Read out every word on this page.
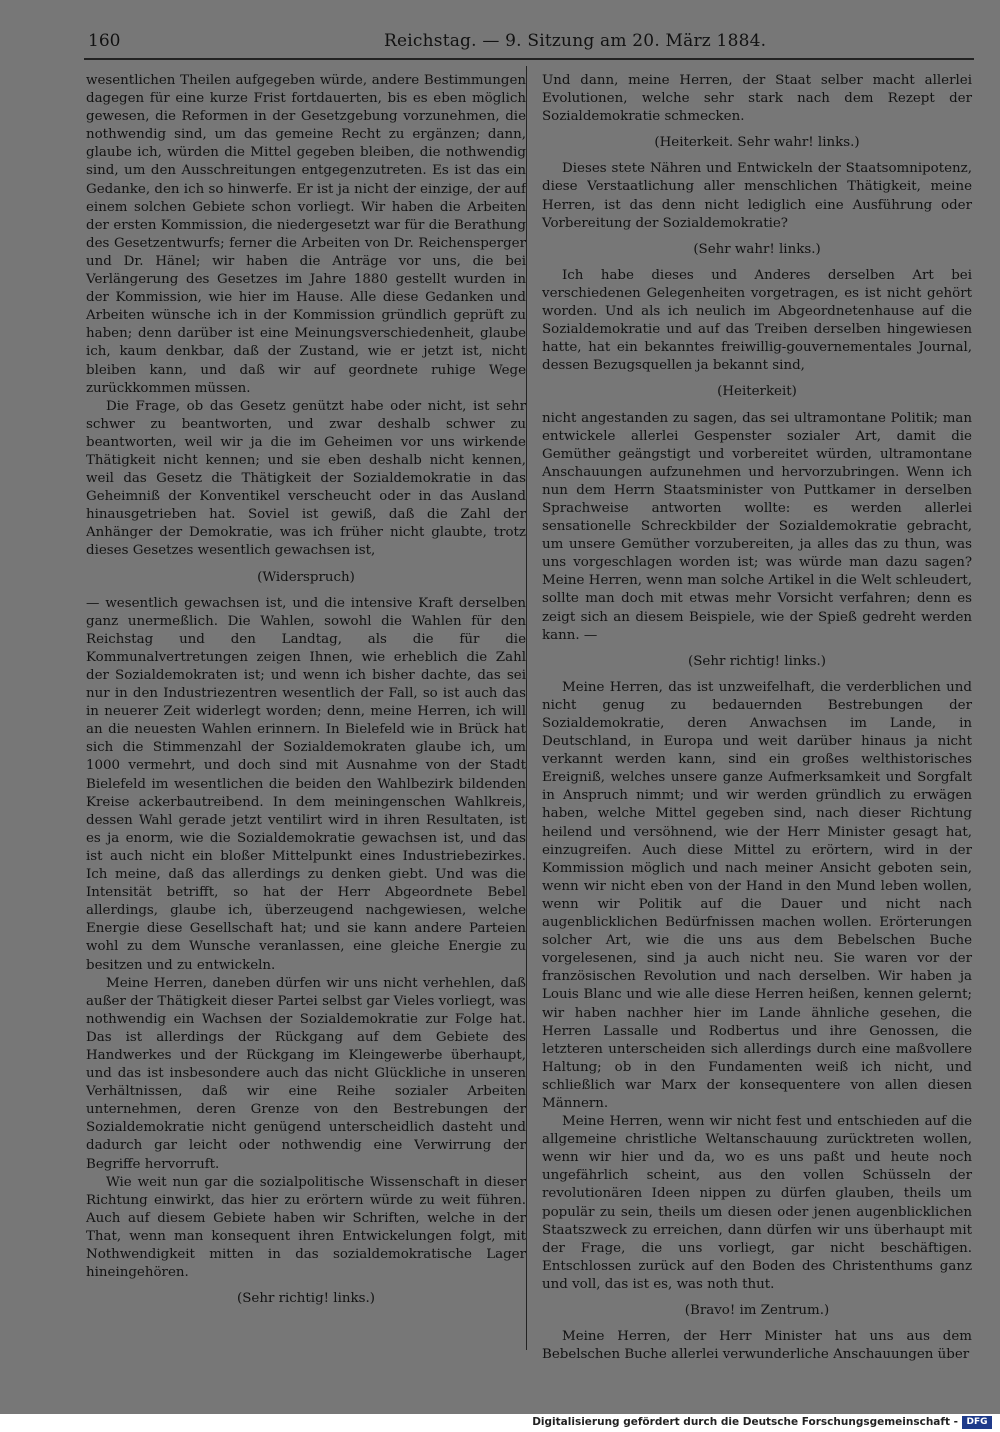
160	Reichstag. — 9. Sitzung am 20. März 1884.

wesentlichen Theilen aufgegeben würde, andere Bestimmungen dagegen für eine kurze Frist fortdauerten, bis es eben möglich gewesen, die Reformen in der Gesetzgebung vorzunehmen, die nothwendig sind, um das gemeine Recht zu ergänzen; dann, glaube ich, würden die Mittel gegeben bleiben, die nothwendig sind, um den Ausschreitungen entgegenzutreten. Es ist das ein Gedanke, den ich so hinwerfe. Er ist ja nicht der einzige, der auf einem solchen Gebiete schon vorliegt. Wir haben die Arbeiten der ersten Kommission, die niedergesetzt war für die Berathung des Gesetzentwurfs; ferner die Arbeiten von Dr. Reichensperger und Dr. Hänel; wir haben die Anträge vor uns, die bei Verlängerung des Gesetzes im Jahre 1880 gestellt wurden in der Kommission, wie hier im Hause. Alle diese Gedanken und Arbeiten wünsche ich in der Kommission gründlich geprüft zu haben; denn darüber ist eine Meinungsverschiedenheit, glaube ich, kaum denkbar, daß der Zustand, wie er jetzt ist, nicht bleiben kann, und daß wir auf geordnete ruhige Wege zurückkommen müssen.

Die Frage, ob das Gesetz genützt habe oder nicht, ist sehr schwer zu beantworten, und zwar deshalb schwer zu beantworten, weil wir ja die im Geheimen vor uns wirkende Thätigkeit nicht kennen; und sie eben deshalb nicht kennen, weil das Gesetz die Thätigkeit der Sozialdemokratie in das Geheimniß der Konventikel verscheucht oder in das Ausland hinausgetrieben hat. Soviel ist gewiß, daß die Zahl der Anhänger der Demokratie, was ich früher nicht glaubte, trotz dieses Gesetzes wesentlich gewachsen ist,

(Widerspruch)

— wesentlich gewachsen ist, und die intensive Kraft derselben ganz unermeßlich. Die Wahlen, sowohl die Wahlen für den Reichstag und den Landtag, als die für die Kommunalvertretungen zeigen Ihnen, wie erheblich die Zahl der Sozialdemokraten ist; und wenn ich bisher dachte, das sei nur in den Industriezentren wesentlich der Fall, so ist auch das in neuerer Zeit widerlegt worden; denn, meine Herren, ich will an die neuesten Wahlen erinnern. In Bielefeld wie in Brück hat sich die Stimmenzahl der Sozialdemokraten glaube ich, um 1000 vermehrt, und doch sind mit Ausnahme von der Stadt Bielefeld im wesentlichen die beiden den Wahlbezirk bildenden Kreise ackerbautreibend. In dem meiningenschen Wahlkreis, dessen Wahl gerade jetzt ventilirt wird in ihren Resultaten, ist es ja enorm, wie die Sozialdemokratie gewachsen ist, und das ist auch nicht ein bloßer Mittelpunkt eines Industriebezirkes. Ich meine, daß das allerdings zu denken giebt. Und was die Intensität betrifft, so hat der Herr Abgeordnete Bebel allerdings, glaube ich, überzeugend nachgewiesen, welche Energie diese Gesellschaft hat; und sie kann andere Parteien wohl zu dem Wunsche veranlassen, eine gleiche Energie zu besitzen und zu entwickeln.

Meine Herren, daneben dürfen wir uns nicht verhehlen, daß außer der Thätigkeit dieser Partei selbst gar Vieles vorliegt, was nothwendig ein Wachsen der Sozialdemokratie zur Folge hat. Das ist allerdings der Rückgang auf dem Gebiete des Handwerkes und der Rückgang im Kleingewerbe überhaupt, und das ist insbesondere auch das nicht Glückliche in unseren Verhältnissen, daß wir eine Reihe sozialer Arbeiten unternehmen, deren Grenze von den Bestrebungen der Sozialdemokratie nicht genügend unterscheidlich dasteht und dadurch gar leicht oder nothwendig eine Verwirrung der Begriffe hervorruft.

Wie weit nun gar die sozialpolitische Wissenschaft in dieser Richtung einwirkt, das hier zu erörtern würde zu weit führen. Auch auf diesem Gebiete haben wir Schriften, welche in der That, wenn man konsequent ihren Entwickelungen folgt, mit Nothwendigkeit mitten in das sozialdemokratische Lager hineingehören.

(Sehr richtig! links.)

Und dann, meine Herren, der Staat selber macht allerlei Evolutionen, welche sehr stark nach dem Rezept der Sozialdemokratie schmecken.

(Heiterkeit. Sehr wahr! links.)

Dieses stete Nähren und Entwickeln der Staatsomnipotenz, diese Verstaatlichung aller menschlichen Thätigkeit, meine Herren, ist das denn nicht lediglich eine Ausführung oder Vorbereitung der Sozialdemokratie?

(Sehr wahr! links.)

Ich habe dieses und Anderes derselben Art bei verschiedenen Gelegenheiten vorgetragen, es ist nicht gehört worden. Und als ich neulich im Abgeordnetenhause auf die Sozialdemokratie und auf das Treiben derselben hingewiesen hatte, hat ein bekanntes freiwillig-gouvernementales Journal, dessen Bezugsquellen ja bekannt sind,

(Heiterkeit)

nicht angestanden zu sagen, das sei ultramontane Politik; man entwickele allerlei Gespenster sozialer Art, damit die Gemüther geängstigt und vorbereitet würden, ultramontane Anschauungen aufzunehmen und hervorzubringen. Wenn ich nun dem Herrn Staatsminister von Puttkamer in derselben Sprachweise antworten wollte: es werden allerlei sensationelle Schreckbilder der Sozialdemokratie gebracht, um unsere Gemüther vorzubereiten, ja alles das zu thun, was uns vorgeschlagen worden ist; was würde man dazu sagen? Meine Herren, wenn man solche Artikel in die Welt schleudert, sollte man doch mit etwas mehr Vorsicht verfahren; denn es zeigt sich an diesem Beispiele, wie der Spieß gedreht werden kann. —

(Sehr richtig! links.)

Meine Herren, das ist unzweifelhaft, die verderblichen und nicht genug zu bedauernden Bestrebungen der Sozialdemokratie, deren Anwachsen im Lande, in Deutschland, in Europa und weit darüber hinaus ja nicht verkannt werden kann, sind ein großes welthistorisches Ereigniß, welches unsere ganze Aufmerksamkeit und Sorgfalt in Anspruch nimmt; und wir werden gründlich zu erwägen haben, welche Mittel gegeben sind, nach dieser Richtung heilend und versöhnend, wie der Herr Minister gesagt hat, einzugreifen. Auch diese Mittel zu erörtern, wird in der Kommission möglich und nach meiner Ansicht geboten sein, wenn wir nicht eben von der Hand in den Mund leben wollen, wenn wir Politik auf die Dauer und nicht nach augenblicklichen Bedürfnissen machen wollen. Erörterungen solcher Art, wie die uns aus dem Bebelschen Buche vorgelesenen, sind ja auch nicht neu. Sie waren vor der französischen Revolution und nach derselben. Wir haben ja Louis Blanc und wie alle diese Herren heißen, kennen gelernt; wir haben nachher hier im Lande ähnliche gesehen, die Herren Lassalle und Rodbertus und ihre Genossen, die letzteren unterscheiden sich allerdings durch eine maßvollere Haltung; ob in den Fundamenten weiß ich nicht, und schließlich war Marx der konsequentere von allen diesen Männern.

Meine Herren, wenn wir nicht fest und entschieden auf die allgemeine christliche Weltanschauung zurücktreten wollen, wenn wir hier und da, wo es uns paßt und heute noch ungefährlich scheint, aus den vollen Schüsseln der revolutionären Ideen nippen zu dürfen glauben, theils um populär zu sein, theils um diesen oder jenen augenblicklichen Staatszweck zu erreichen, dann dürfen wir uns überhaupt mit der Frage, die uns vorliegt, gar nicht beschäftigen. Entschlossen zurück auf den Boden des Christenthums ganz und voll, das ist es, was noth thut.

(Bravo! im Zentrum.)

Meine Herren, der Herr Minister hat uns aus dem Bebelschen Buche allerlei verwunderliche Anschauungen über

Digitalisierung gefördert durch die Deutsche Forschungsgemeinschaft - DFG
